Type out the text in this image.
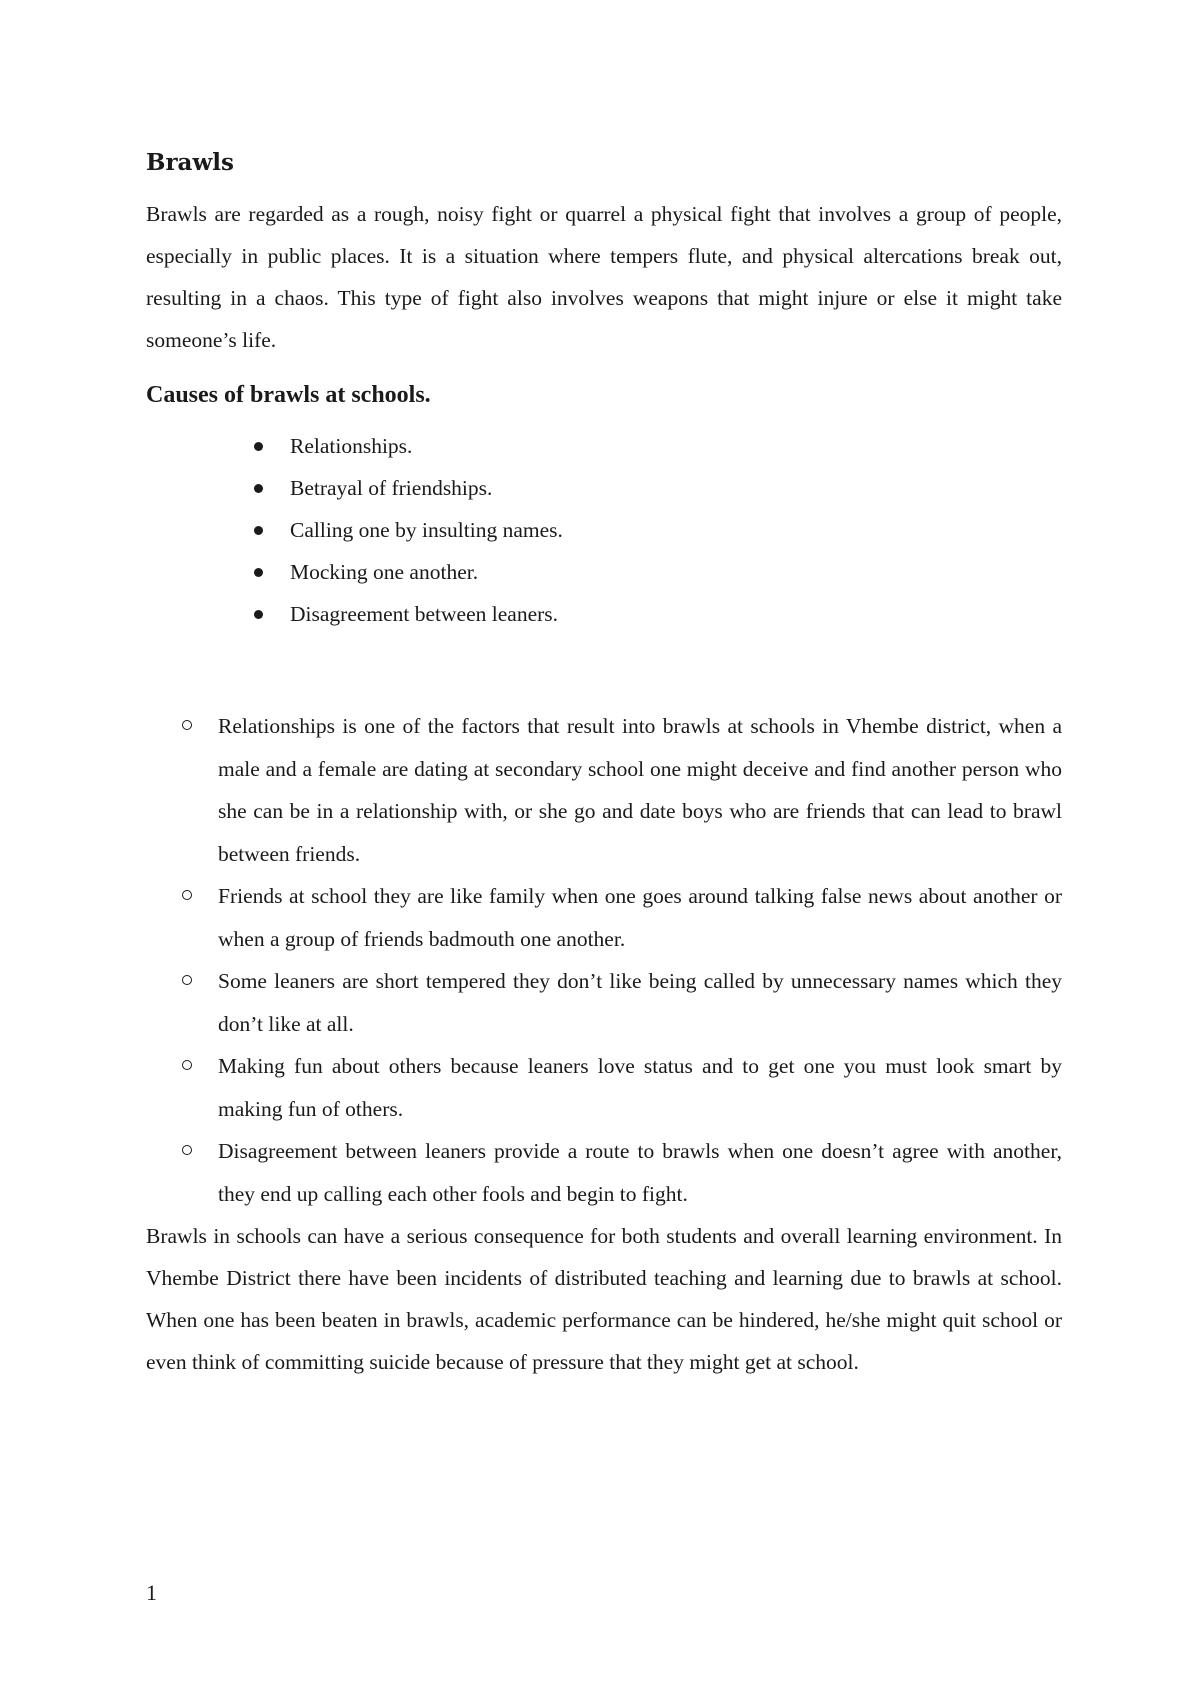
Brawls

Brawls are regarded as a rough, noisy fight or quarrel a physical fight that involves a group of people, especially in public places. It is a situation where tempers flute, and physical altercations break out, resulting in a chaos. This type of fight also involves weapons that might injure or else it might take someone’s life.

Causes of brawls at schools.
Relationships.
Betrayal of friendships.
Calling one by insulting names.
Mocking one another.
Disagreement between leaners.
Relationships is one of the factors that result into brawls at schools in Vhembe district, when a male and a female are dating at secondary school one might deceive and find another person who she can be in a relationship with, or she go and date boys who are friends that can lead to brawl between friends.
Friends at school they are like family when one goes around talking false news about another or when a group of friends badmouth one another.
Some leaners are short tempered they don’t like being called by unnecessary names which they don’t like at all.
Making fun about others because leaners love status and to get one you must look smart by making fun of others.
Disagreement between leaners provide a route to brawls when one doesn’t agree with another, they end up calling each other fools and begin to fight.

Brawls in schools can have a serious consequence for both students and overall learning environment. In Vhembe District there have been incidents of distributed teaching and learning due to brawls at school. When one has been beaten in brawls, academic performance can be hindered, he/she might quit school or even think of committing suicide because of pressure that they might get at school.

1
